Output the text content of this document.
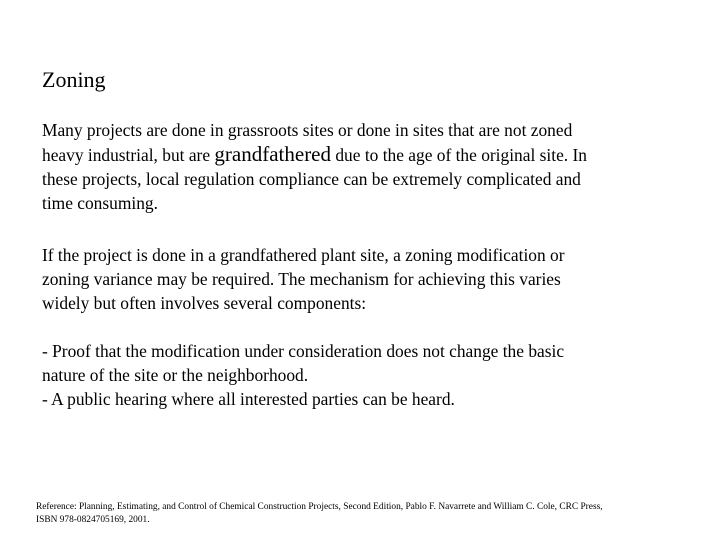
Zoning
Many projects are done in grassroots sites or done in sites that are not zoned
heavy industrial, but are grandfathered due to the age of the original site. In
these projects, local regulation compliance can be extremely complicated and
time consuming.
If the project is done in a grandfathered plant site, a zoning modification or
zoning variance may be required. The mechanism for achieving this varies
widely but often involves several components:
- Proof that the modification under consideration does not change the basic
nature of the site or the neighborhood.
- A public hearing where all interested parties can be heard.
Reference: Planning, Estimating, and Control of Chemical Construction Projects, Second Edition, Pablo F. Navarrete and William C. Cole, CRC Press,
ISBN 978-0824705169, 2001.
